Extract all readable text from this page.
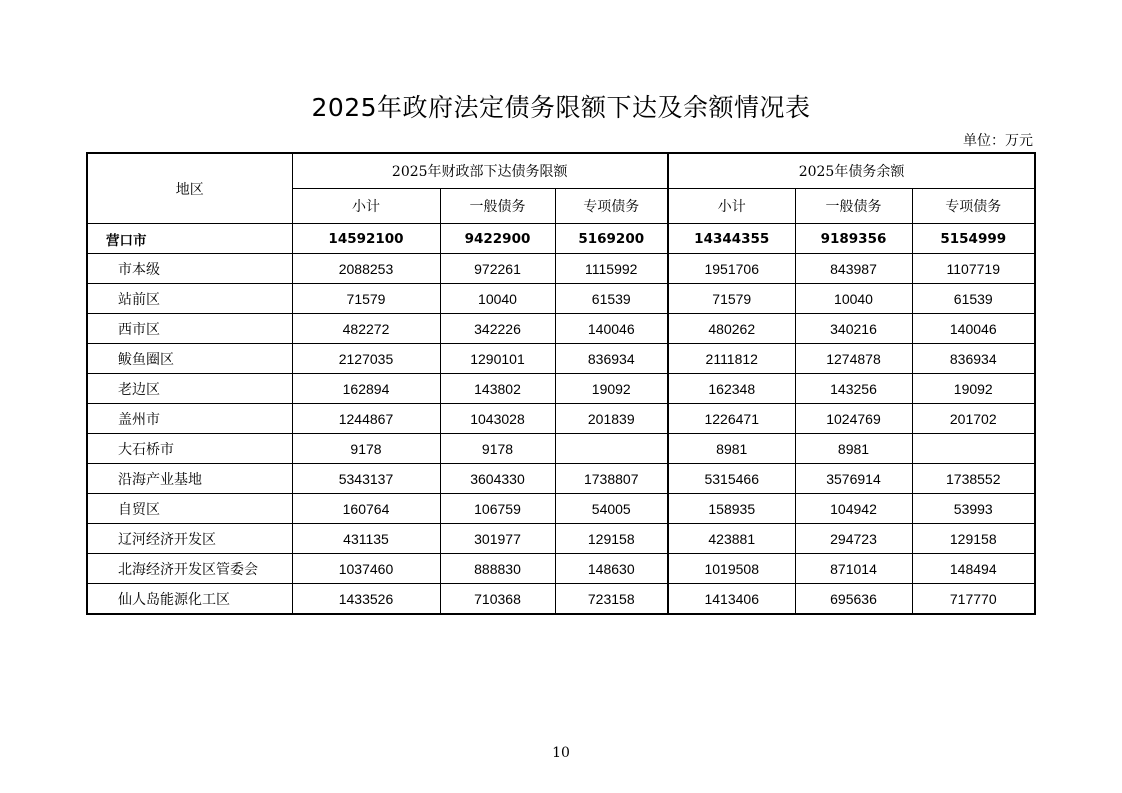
2025年政府法定债务限额下达及余额情况表
单位：万元
地区	2025年财政部下达债务限额			2025年债务余额		
	小计	一般债务	专项债务	小计	一般债务	专项债务
营口市	14592100	9422900	5169200	14344355	9189356	5154999
市本级	2088253	972261	1115992	1951706	843987	1107719
站前区	71579	10040	61539	71579	10040	61539
西市区	482272	342226	140046	480262	340216	140046
鲅鱼圈区	2127035	1290101	836934	2111812	1274878	836934
老边区	162894	143802	19092	162348	143256	19092
盖州市	1244867	1043028	201839	1226471	1024769	201702
大石桥市	9178	9178		8981	8981	
沿海产业基地	5343137	3604330	1738807	5315466	3576914	1738552
自贸区	160764	106759	54005	158935	104942	53993
辽河经济开发区	431135	301977	129158	423881	294723	129158
北海经济开发区管委会	1037460	888830	148630	1019508	871014	148494
仙人岛能源化工区	1433526	710368	723158	1413406	695636	717770
10
